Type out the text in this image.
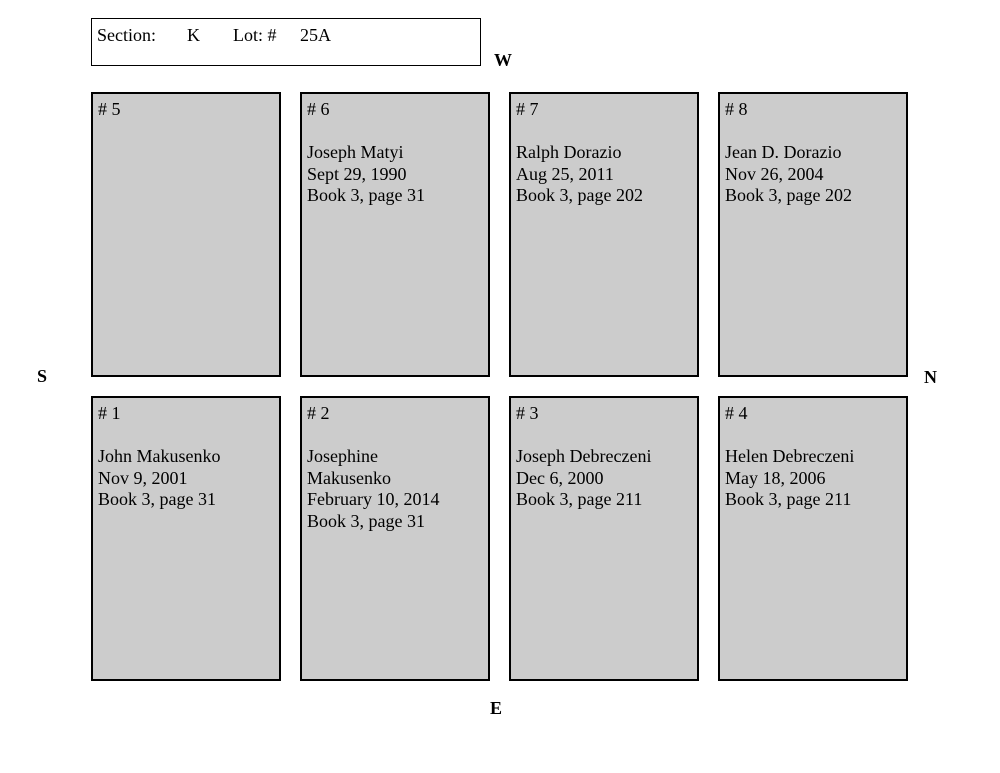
Section: K Lot: # 25A
W
S	N
E
# 5	# 6
Joseph Matyi
Sept 29, 1990
Book 3, page 31
# 7
Ralph Dorazio
Aug 25, 2011
Book 3, page 202
# 8
Jean D. Dorazio
Nov 26, 2004
Book 3, page 202
# 1
John Makusenko
Nov 9, 2001
Book 3, page 31
# 2
Josephine
Makusenko
February 10, 2014
Book 3, page 31
# 3
Joseph Debreczeni
Dec 6, 2000
Book 3, page 211
# 4
Helen Debreczeni
May 18, 2006
Book 3, page 211
